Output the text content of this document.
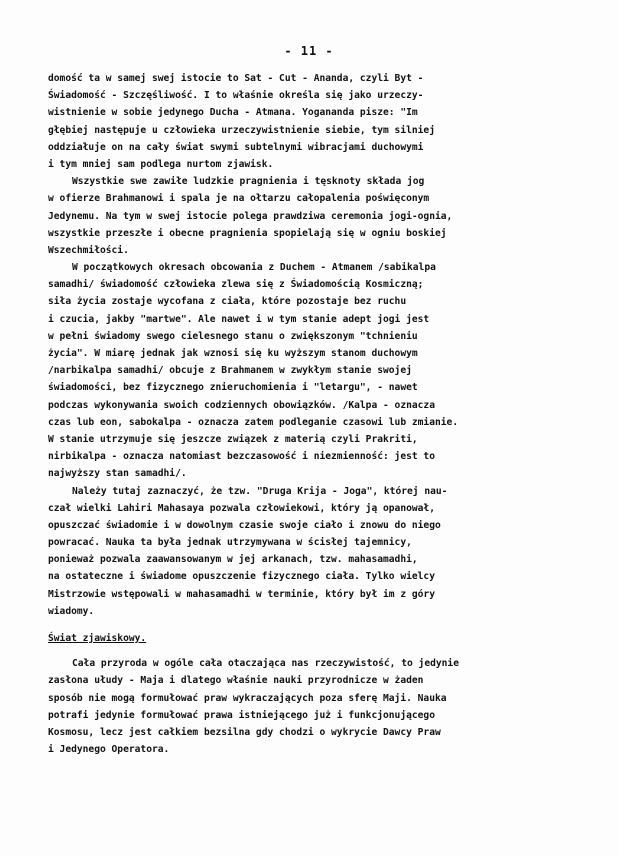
- 11 -
domość ta w samej swej istocie to Sat - Cut - Ananda, czyli Byt -
Świadomość - Szczęśliwość. I to właśnie określa się jako urzeczy-
wistnienie w sobie jedynego Ducha - Atmana. Yogananda pisze: "Im
głębiej następuje u człowieka urzeczywistnienie siebie, tym silniej
oddziałuje on na cały świat swymi subtelnymi wibracjami duchowymi
i tym mniej sam podlega nurtom zjawisk.
Wszystkie swe zawiłe ludzkie pragnienia i tęsknoty składa jog
w ofierze Brahmanowi i spala je na ołtarzu całopalenia poświęconym
Jedynemu. Na tym w swej istocie polega prawdziwa ceremonia jogi-ognia,
wszystkie przeszłe i obecne pragnienia spopielają się w ogniu boskiej
Wszechmiłości.
W początkowych okresach obcowania z Duchem - Atmanem /sabikalpa
samadhi/ świadomość człowieka zlewa się z Świadomością Kosmiczną;
siła życia zostaje wycofana z ciała, które pozostaje bez ruchu
i czucia, jakby "martwe". Ale nawet i w tym stanie adept jogi jest
w pełni świadomy swego cielesnego stanu o zwiększonym "tchnieniu
życia". W miarę jednak jak wznosi się ku wyższym stanom duchowym
/narbikalpa samadhi/ obcuje z Brahmanem w zwykłym stanie swojej
świadomości, bez fizycznego znieruchomienia i "letargu", - nawet
podczas wykonywania swoich codziennych obowiązków. /Kalpa - oznacza
czas lub eon, sabokalpa - oznacza zatem podleganie czasowi lub zmianie.
W stanie utrzymuje się jeszcze związek z materią czyli Prakriti,
nirbikalpa - oznacza natomiast bezczasowość i niezmienność: jest to
najwyższy stan samadhi/.
Należy tutaj zaznaczyć, że tzw. "Druga Krija - Joga", której nau-
czał wielki Lahiri Mahasaya pozwala człowiekowi, który ją opanował,
opuszczać świadomie i w dowolnym czasie swoje ciało i znowu do niego
powracać. Nauka ta była jednak utrzymywana w ścisłej tajemnicy,
ponieważ pozwala zaawansowanym w jej arkanach, tzw. mahasamadhi,
na ostateczne i świadome opuszczenie fizycznego ciała. Tylko wielcy
Mistrzowie wstępowali w mahasamadhi w terminie, który był im z góry
wiadomy.
Świat zjawiskowy.
Cała przyroda w ogóle cała otaczająca nas rzeczywistość, to jedynie
zasłona ułudy - Maja i dlatego właśnie nauki przyrodnicze w żaden
sposób nie mogą formułować praw wykraczających poza sferę Maji. Nauka
potrafi jedynie formułować prawa istniejącego już i funkcjonującego
Kosmosu, lecz jest całkiem bezsilna gdy chodzi o wykrycie Dawcy Praw
i Jedynego Operatora.
